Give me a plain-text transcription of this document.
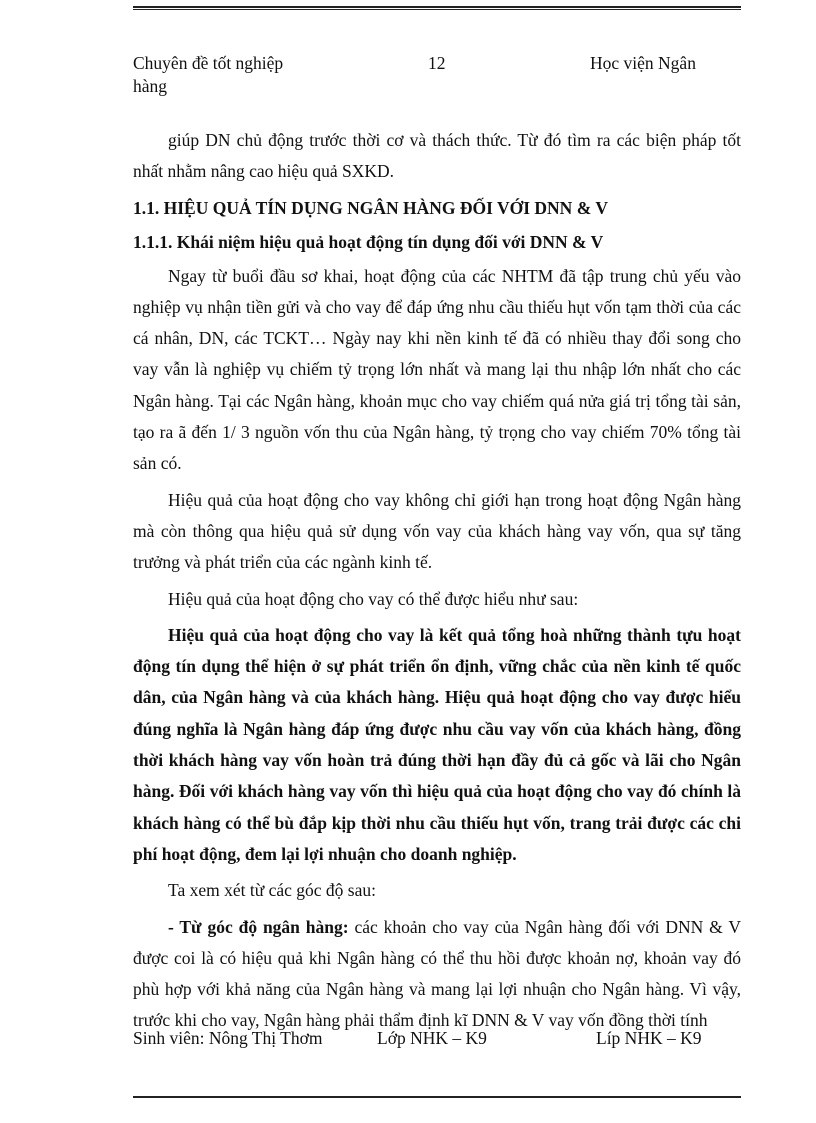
Chuyên đề tốt nghiệp	12	Học viện Ngân
hàng

giúp DN chủ động trước thời cơ và thách thức. Từ đó tìm ra các biện pháp tốt nhất nhằm nâng cao hiệu quả SXKD.

1.1. HIỆU QUẢ TÍN DỤNG NGÂN HÀNG ĐỐI VỚI DNN & V
1.1.1. Khái niệm hiệu quả hoạt động tín dụng đối với DNN & V

Ngay từ buổi đầu sơ khai, hoạt động của các NHTM đã tập trung chủ yếu vào nghiệp vụ nhận tiền gửi và cho vay để đáp ứng nhu cầu thiếu hụt vốn tạm thời của các cá nhân, DN, các TCKT… Ngày nay khi nền kinh tế đã có nhiều thay đổi song cho vay vẫn là nghiệp vụ chiếm tỷ trọng lớn nhất và mang lại thu nhập lớn nhất cho các Ngân hàng. Tại các Ngân hàng, khoản mục cho vay chiếm quá nửa giá trị tổng tài sản, tạo ra ã đến 1/ 3 nguồn vốn thu của Ngân hàng, tỷ trọng cho vay chiếm 70% tổng tài sản có.

Hiệu quả của hoạt động cho vay không chỉ giới hạn trong hoạt động Ngân hàng mà còn thông qua hiệu quả sử dụng vốn vay của khách hàng vay vốn, qua sự tăng trưởng và phát triển của các ngành kinh tế.

Hiệu quả của hoạt động cho vay có thể được hiểu như sau:

Hiệu quả của hoạt động cho vay là kết quả tổng hoà những thành tựu hoạt động tín dụng thể hiện ở sự phát triển ổn định, vững chắc của nền kinh tế quốc dân, của Ngân hàng và của khách hàng. Hiệu quả hoạt động cho vay được hiểu đúng nghĩa là Ngân hàng đáp ứng được nhu cầu vay vốn của khách hàng, đồng thời khách hàng vay vốn hoàn trả đúng thời hạn đầy đủ cả gốc và lãi cho Ngân hàng. Đối với khách hàng vay vốn thì hiệu quả của hoạt động cho vay đó chính là khách hàng có thể bù đắp kịp thời nhu cầu thiếu hụt vốn, trang trải được các chi phí hoạt động, đem lại lợi nhuận cho doanh nghiệp.

Ta xem xét từ các góc độ sau:

- Từ góc độ ngân hàng: các khoản cho vay của Ngân hàng đối với DNN & V được coi là có hiệu quả khi Ngân hàng có thể thu hồi được khoản nợ, khoản vay đó phù hợp với khả năng của Ngân hàng và mang lại lợi nhuận cho Ngân hàng. Vì vậy, trước khi cho vay, Ngân hàng phải thẩm định kĩ DNN & V vay vốn đồng thời tính

Sinh viên: Nông Thị Thơm	Lớp NHK – K9	Líp NHK – K9
